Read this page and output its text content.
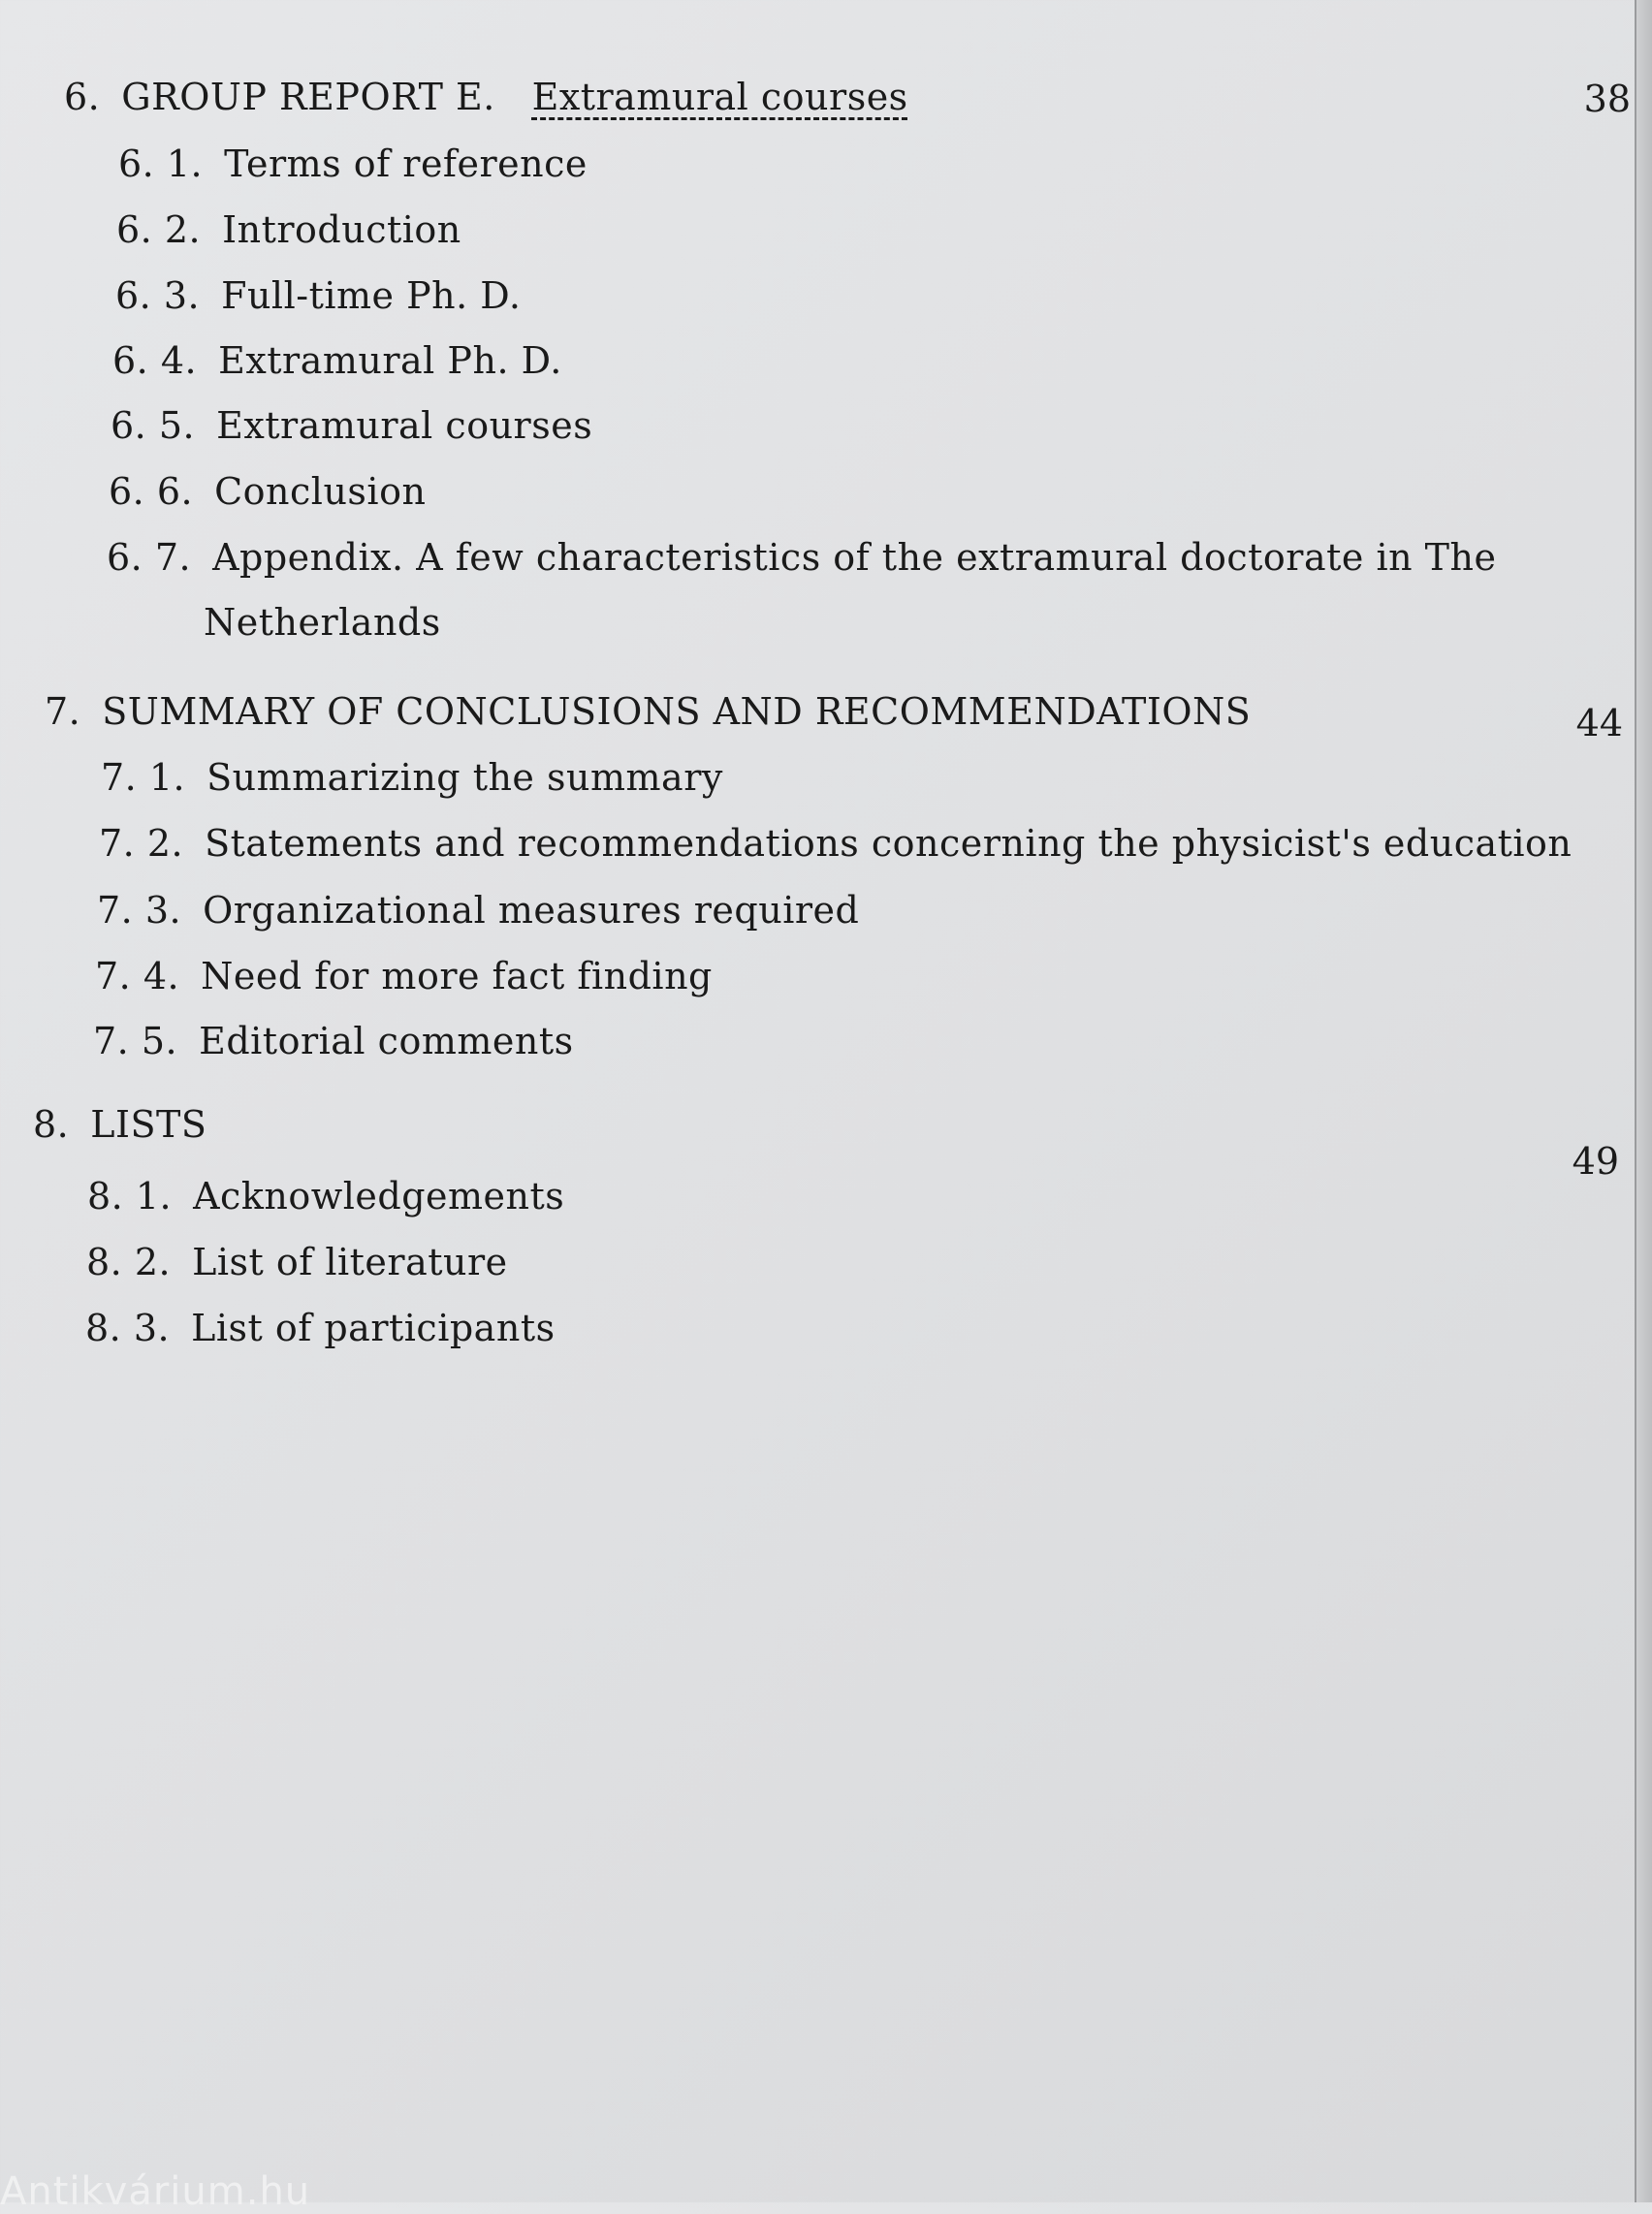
6. GROUP REPORT E. Extramural courses	38
6. 1. Terms of reference
6. 2. Introduction
6. 3. Full-time Ph. D.
6. 4. Extramural Ph. D.
6. 5. Extramural courses
6. 6. Conclusion
6. 7. Appendix. A few characteristics of the extramural doctorate in The
Netherlands
7. SUMMARY OF CONCLUSIONS AND RECOMMENDATIONS	44
7. 1. Summarizing the summary
7. 2. Statements and recommendations concerning the physicist's education
7. 3. Organizational measures required
7. 4. Need for more fact finding
7. 5. Editorial comments
8. LISTS
49
8. 1. Acknowledgements
8. 2. List of literature
8. 3. List of participants
Antikvárium.hu
